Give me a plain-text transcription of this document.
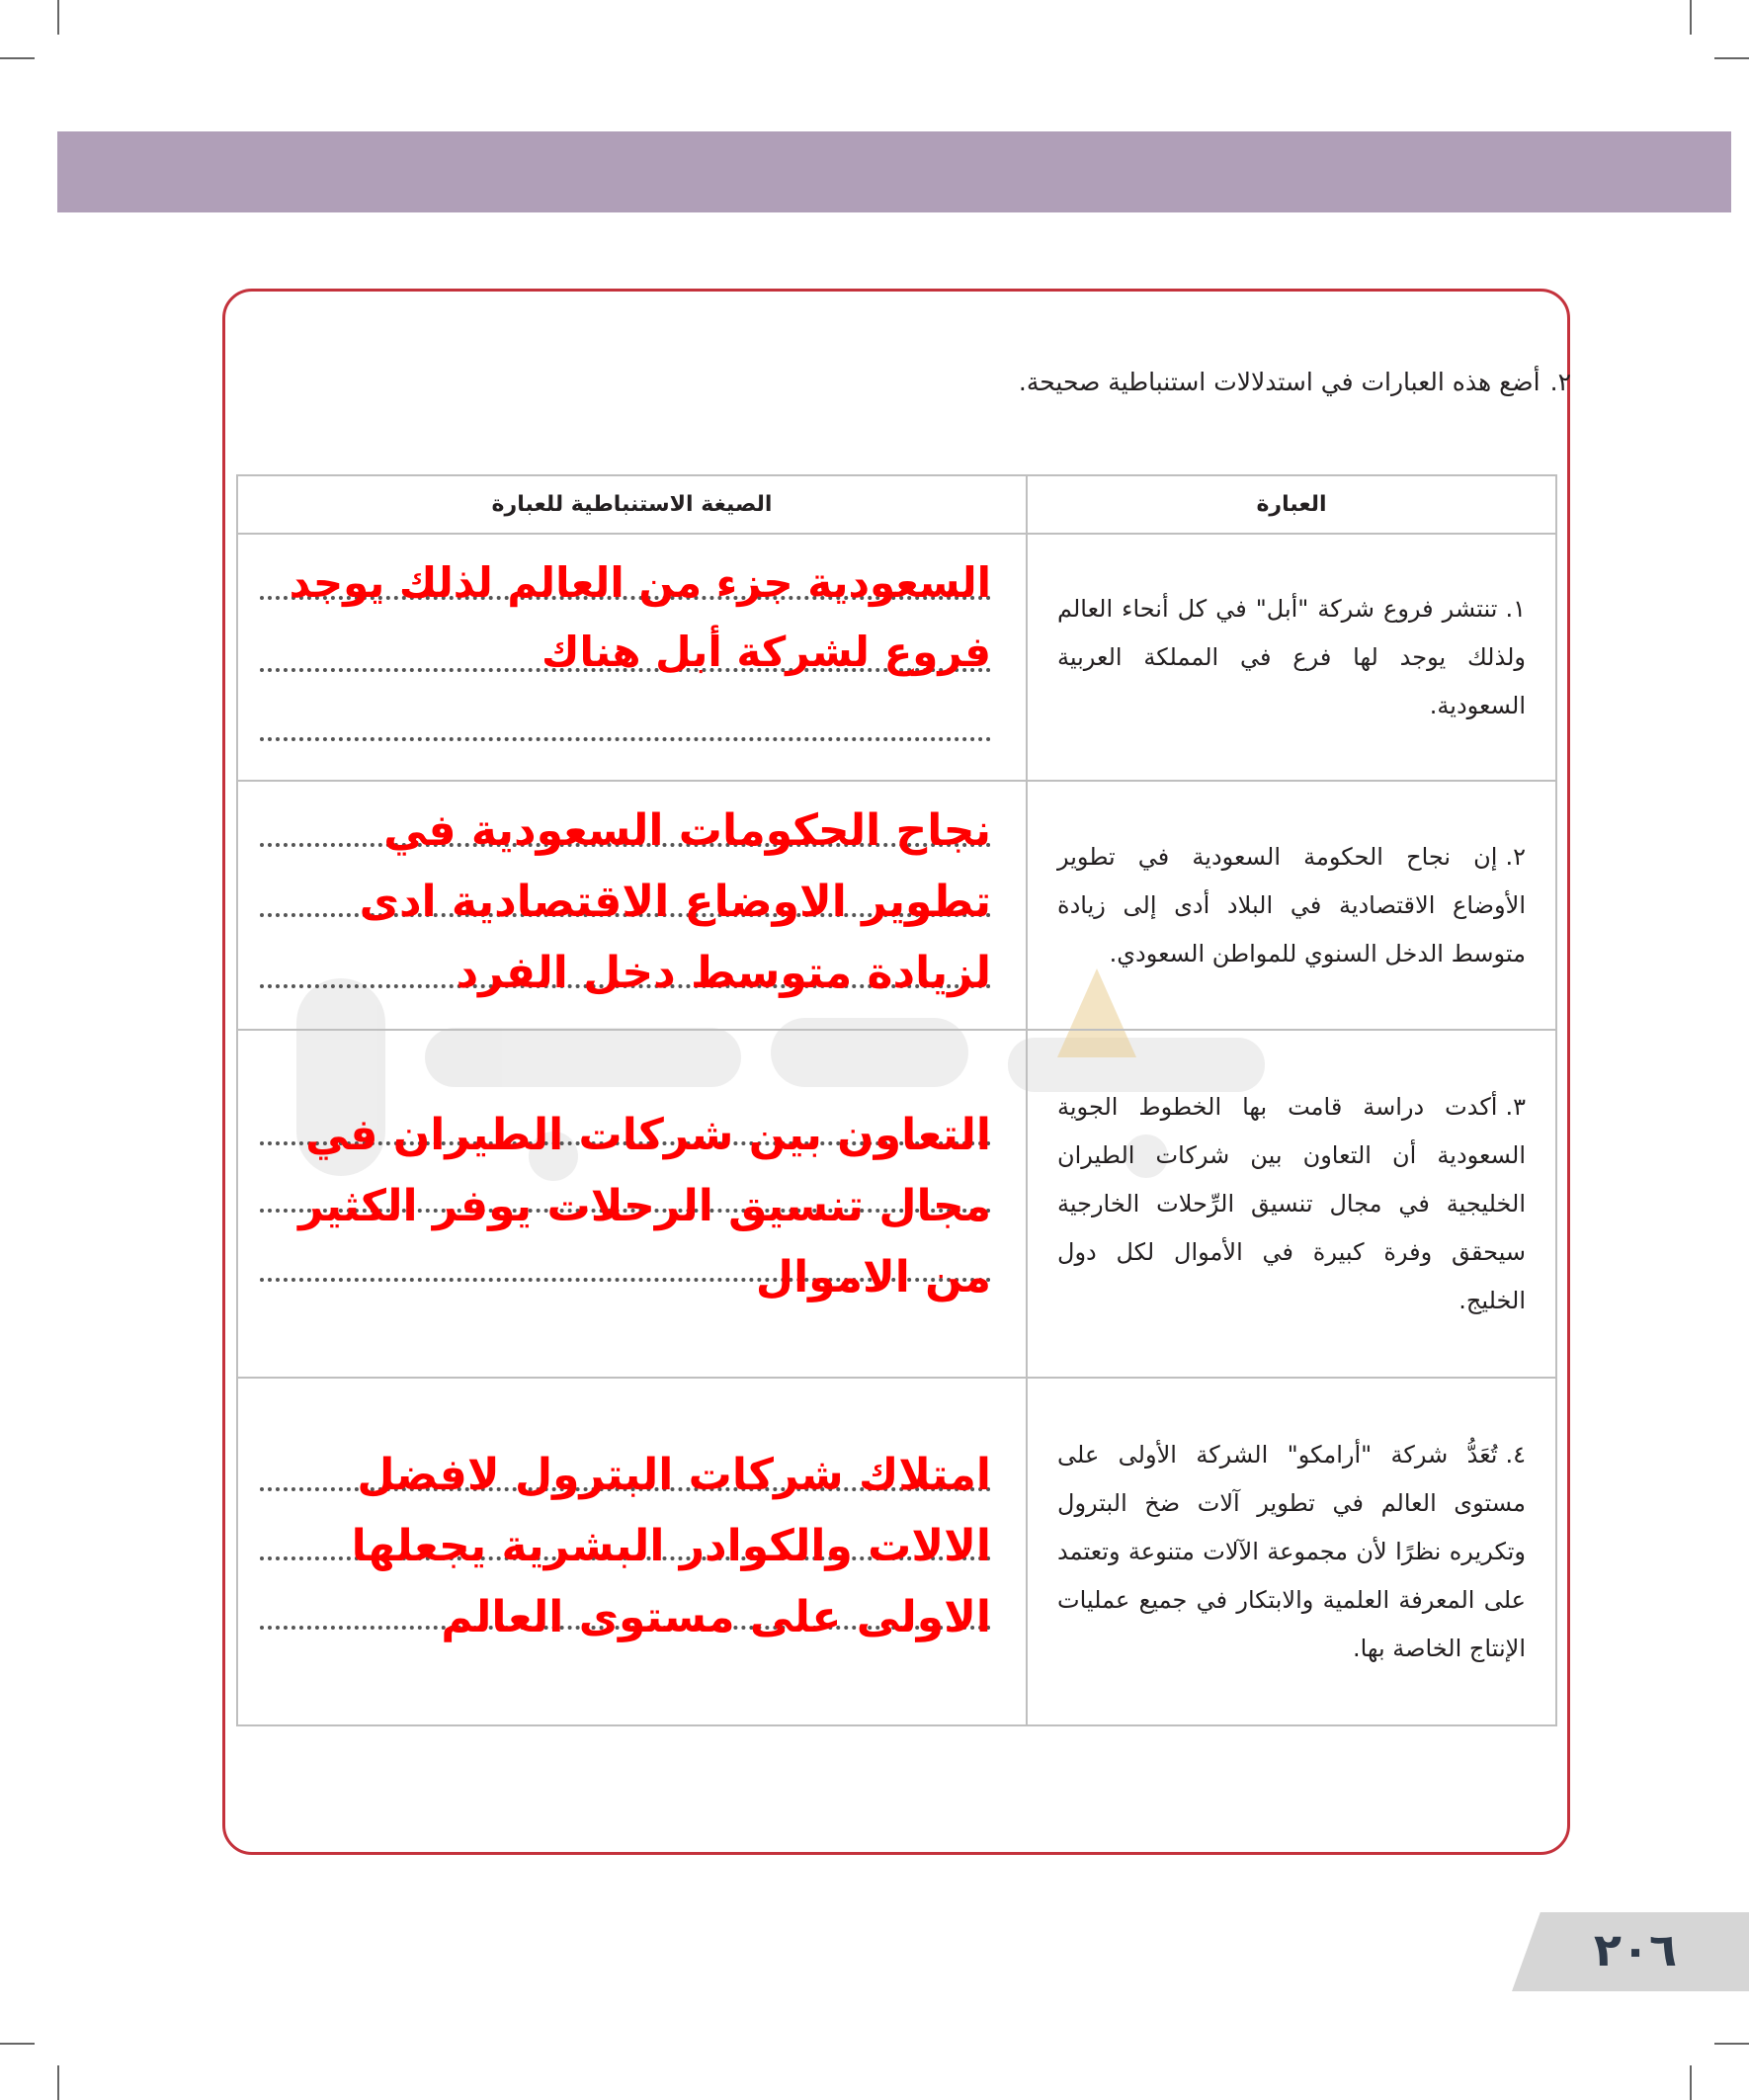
٢.أضع هذه العبارات في استدلالات استنباطية صحيحة.
العبارة	الصيغة الاستنباطية للعبارة
١.تنتشر فروع شركة "أبل" في كل أنحاء العالم ولذلك يوجد لها فرع في المملكة العربية السعودية.	السعودية جزء من العالم لذلك يوجد فروع لشركة أبل هناك

٢.إن نجاح الحكومة السعودية في تطوير الأوضاع الاقتصادية في البلاد أدى إلى زيادة متوسط الدخل السنوي للمواطن السعودي.	نجاح الحكومات السعودية في تطوير الاوضاع الاقتصادية ادى لزيادة متوسط دخل الفرد

٣.أكدت دراسة قامت بها الخطوط الجوية السعودية أن التعاون بين شركات الطيران الخليجية في مجال تنسيق الرِّحلات الخارجية سيحقق وفرة كبيرة في الأموال لكل دول الخليج.	التعاون بين شركات الطيران في مجال تنسيق الرحلات يوفر الكثير من الاموال

٤.تُعَدُّ شركة "أرامكو" الشركة الأولى على مستوى العالم في تطوير آلات ضخ البترول وتكريره نظرًا لأن مجموعة الآلات متنوعة وتعتمد على المعرفة العلمية والابتكار في جميع عمليات الإنتاج الخاصة بها.	امتلاك شركات البترول لافضل الالات والكوادر البشرية يجعلها الاولى على مستوى العالم
٢٠٦
